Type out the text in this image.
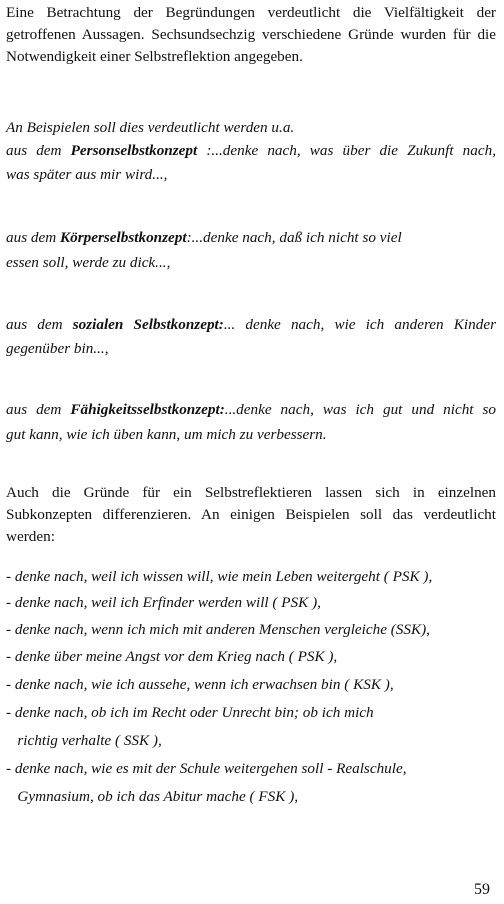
Eine Betrachtung der Begründungen verdeutlicht die Vielfältigkeit der getroffenen Aussagen. Sechsundsechzig verschiedene Gründe wurden für die Notwendigkeit einer Selbstreflektion angegeben.

An Beispielen soll dies verdeutlicht werden u.a.
aus dem Personselbstkonzept :...denke nach, was über die Zukunft nach,
was später aus mir wird...,
aus dem Körperselbstkonzept:...denke nach, daß ich nicht so viel
essen soll, werde zu dick...,
aus dem sozialen Selbstkonzept:... denke nach, wie ich anderen Kinder
gegenüber bin...,
aus dem Fähigkeitsselbstkonzept:...denke nach, was ich gut und nicht so
gut kann, wie ich üben kann, um mich zu verbessern.

Auch die Gründe für ein Selbstreflektieren lassen sich in einzelnen Subkonzepten differenzieren. An einigen Beispielen soll das verdeutlicht werden:

- denke nach, weil ich wissen will, wie mein Leben weitergeht ( PSK ),
- denke nach, weil ich Erfinder werden will ( PSK ),
- denke nach, wenn ich mich mit anderen Menschen vergleiche (SSK),
- denke über meine Angst vor dem Krieg nach ( PSK ),
- denke nach, wie ich aussehe, wenn ich erwachsen bin ( KSK ),
- denke nach, ob ich im Recht oder Unrecht bin; ob ich mich
richtig verhalte ( SSK ),
- denke nach, wie es mit der Schule weitergehen soll - Realschule,
Gymnasium, ob ich das Abitur mache ( FSK ),
59
